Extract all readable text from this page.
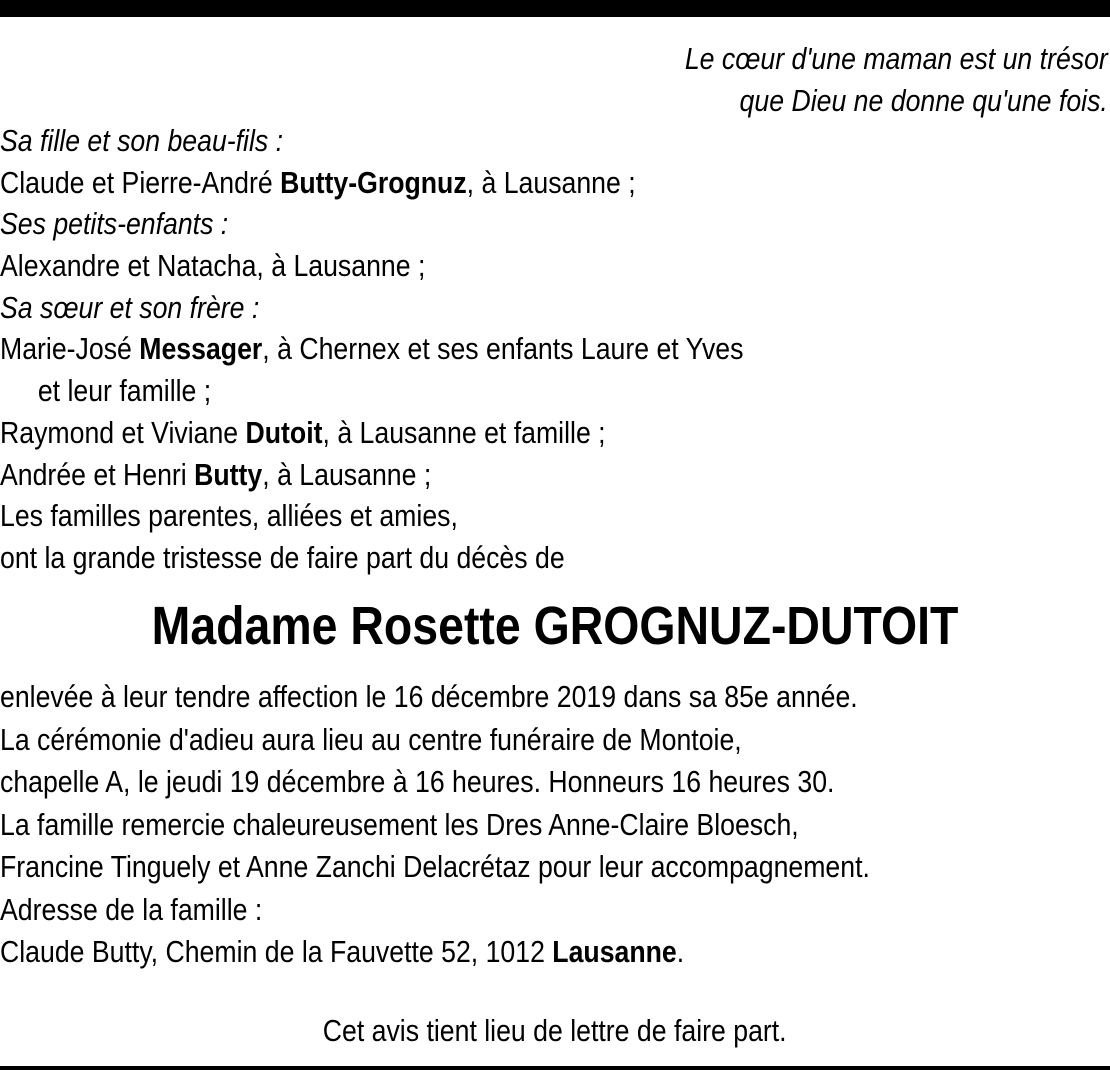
Le cœur d'une maman est un trésor
que Dieu ne donne qu'une fois.
Sa fille et son beau-fils :
Claude et Pierre-André Butty-Grognuz, à Lausanne ;
Ses petits-enfants :
Alexandre et Natacha, à Lausanne ;
Sa sœur et son frère :
Marie-José Messager, à Chernex et ses enfants Laure et Yves
et leur famille ;
Raymond et Viviane Dutoit, à Lausanne et famille ;
Andrée et Henri Butty, à Lausanne ;
Les familles parentes, alliées et amies,
ont la grande tristesse de faire part du décès de
Madame Rosette GROGNUZ-DUTOIT
enlevée à leur tendre affection le 16 décembre 2019 dans sa 85e année.
La cérémonie d'adieu aura lieu au centre funéraire de Montoie,
chapelle A, le jeudi 19 décembre à 16 heures. Honneurs 16 heures 30.
La famille remercie chaleureusement les Dres Anne-Claire Bloesch,
Francine Tinguely et Anne Zanchi Delacrétaz pour leur accompagnement.
Adresse de la famille :
Claude Butty, Chemin de la Fauvette 52, 1012 Lausanne.
Cet avis tient lieu de lettre de faire part.
